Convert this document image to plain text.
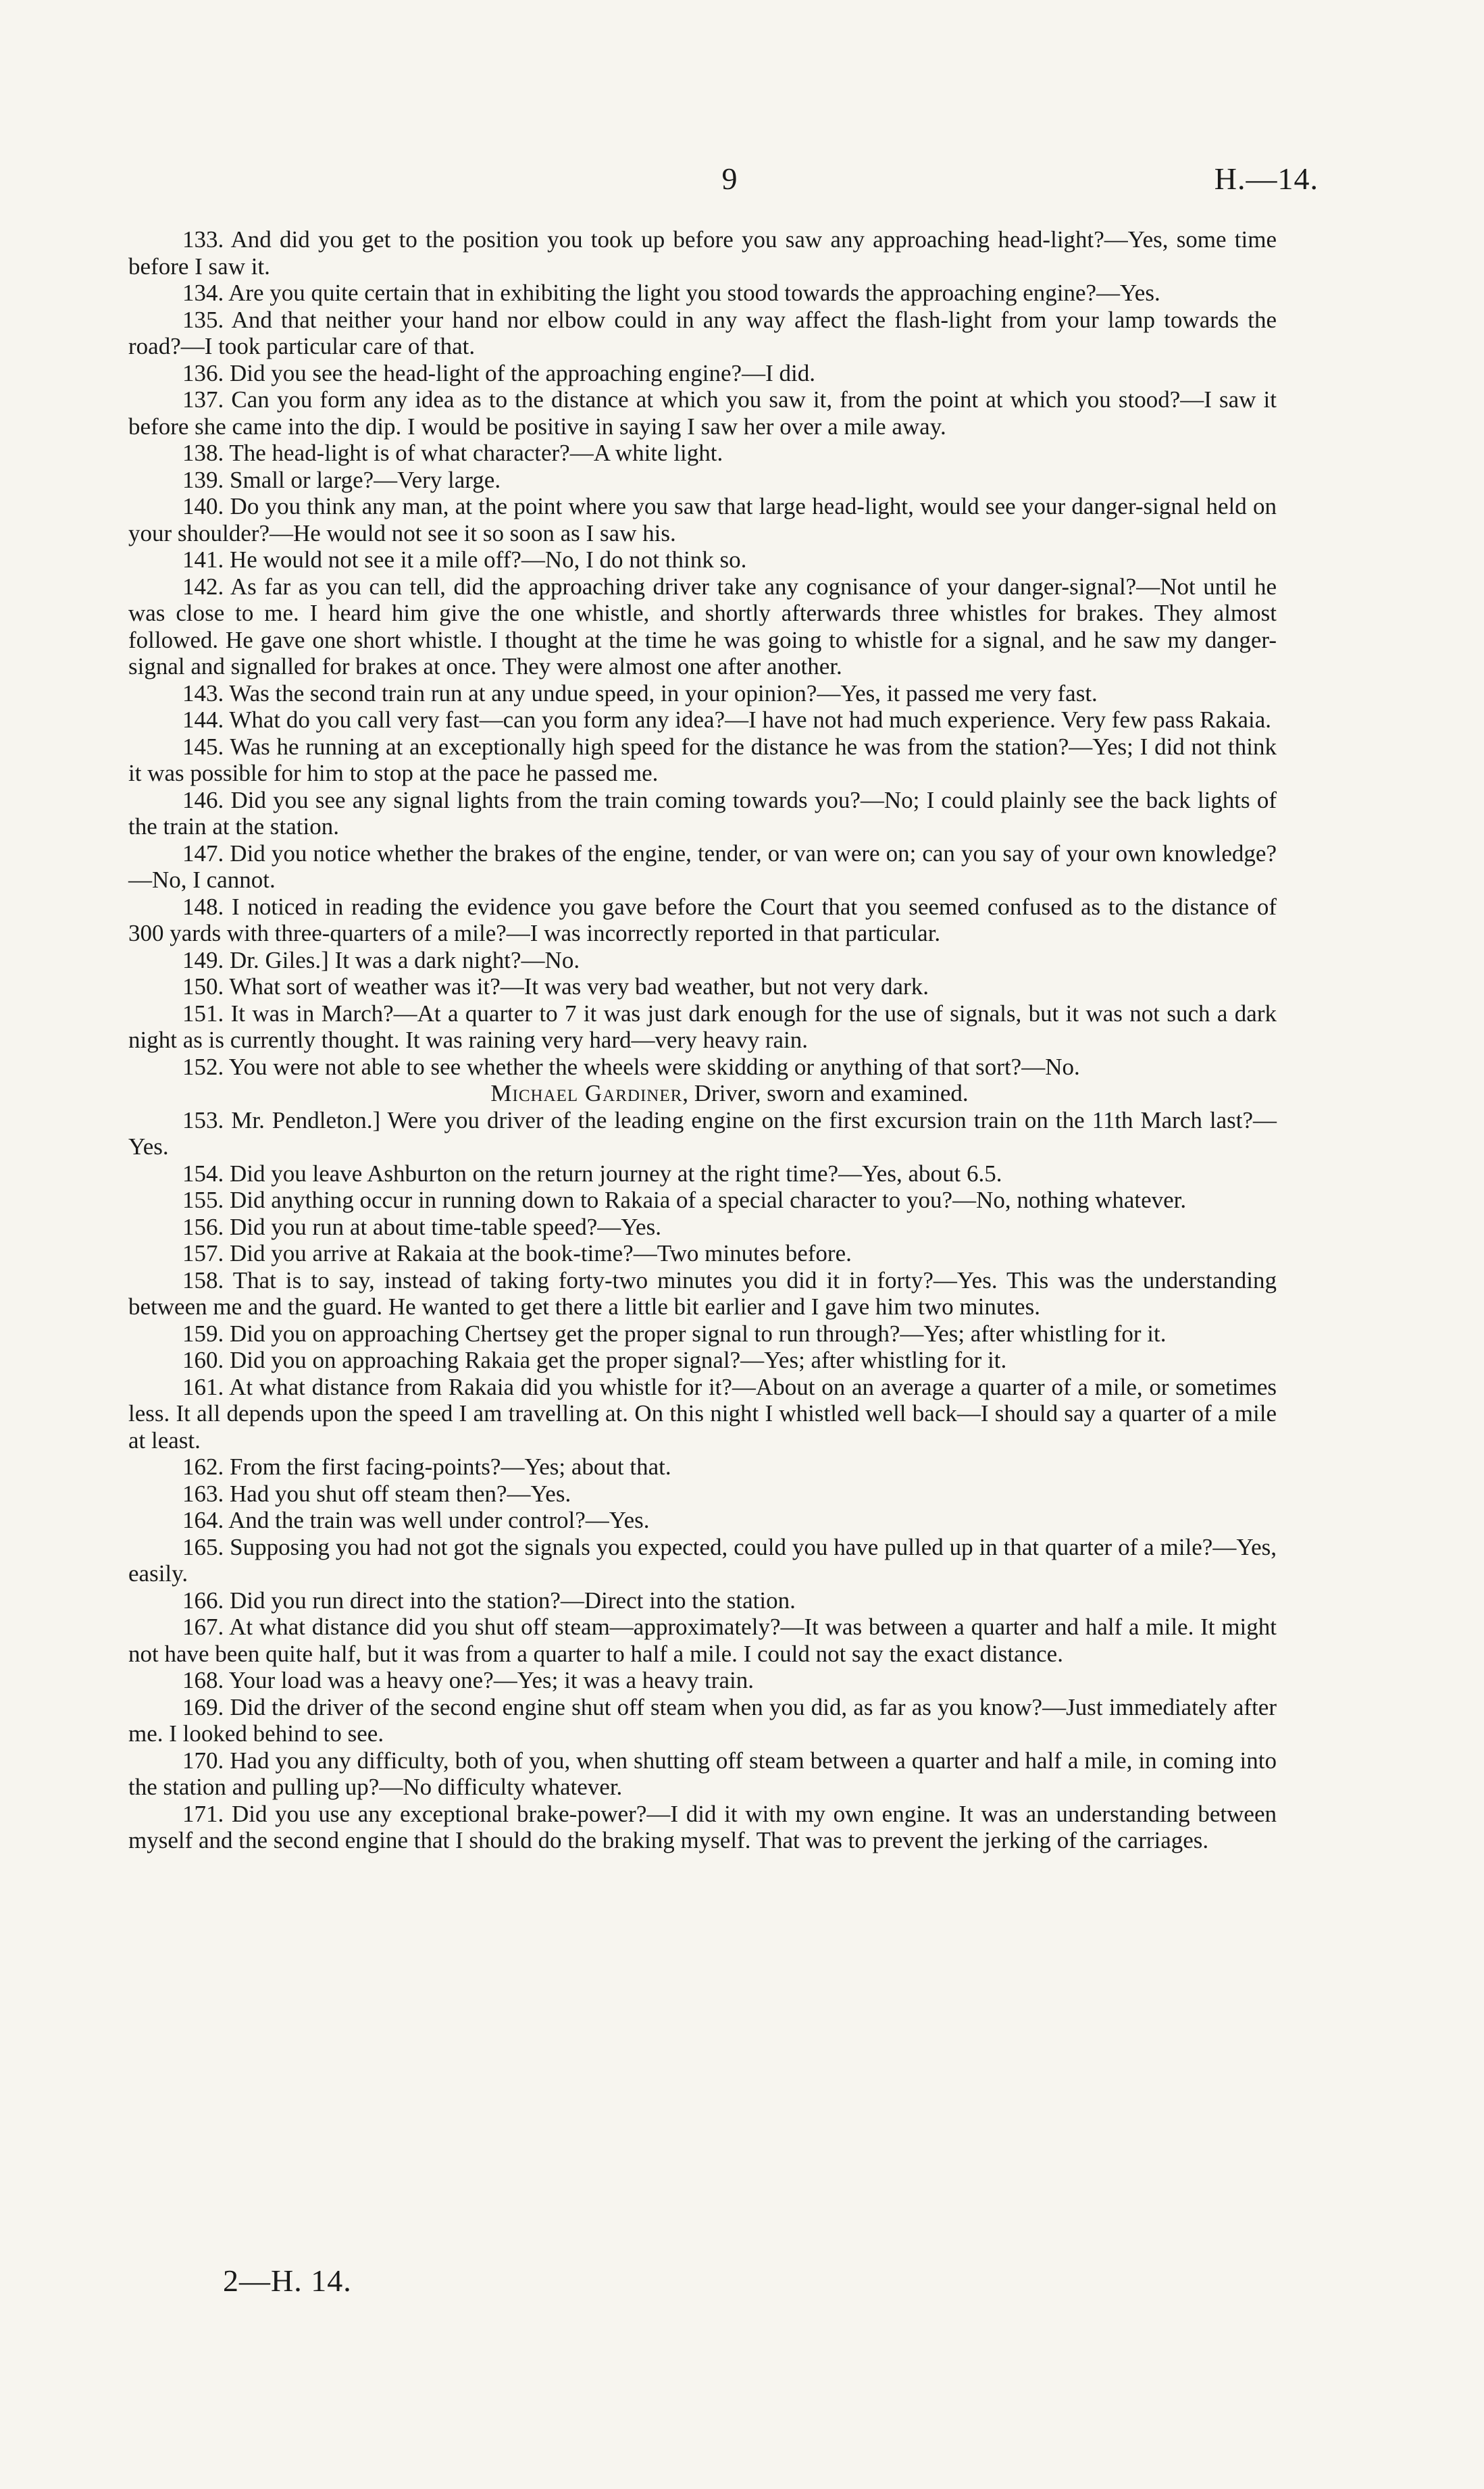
9	H.—14.

133. And did you get to the position you took up before you saw any approaching head-light?—Yes, some time before I saw it.

134. Are you quite certain that in exhibiting the light you stood towards the approaching engine?—Yes.

135. And that neither your hand nor elbow could in any way affect the flash-light from your lamp towards the road?—I took particular care of that.

136. Did you see the head-light of the approaching engine?—I did.

137. Can you form any idea as to the distance at which you saw it, from the point at which you stood?—I saw it before she came into the dip. I would be positive in saying I saw her over a mile away.

138. The head-light is of what character?—A white light.

139. Small or large?—Very large.

140. Do you think any man, at the point where you saw that large head-light, would see your danger-signal held on your shoulder?—He would not see it so soon as I saw his.

141. He would not see it a mile off?—No, I do not think so.

142. As far as you can tell, did the approaching driver take any cognisance of your danger-signal?—Not until he was close to me. I heard him give the one whistle, and shortly afterwards three whistles for brakes. They almost followed. He gave one short whistle. I thought at the time he was going to whistle for a signal, and he saw my danger-signal and signalled for brakes at once. They were almost one after another.

143. Was the second train run at any undue speed, in your opinion?—Yes, it passed me very fast.

144. What do you call very fast—can you form any idea?—I have not had much experience. Very few pass Rakaia.

145. Was he running at an exceptionally high speed for the distance he was from the station?—Yes; I did not think it was possible for him to stop at the pace he passed me.

146. Did you see any signal lights from the train coming towards you?—No; I could plainly see the back lights of the train at the station.

147. Did you notice whether the brakes of the engine, tender, or van were on; can you say of your own knowledge?—No, I cannot.

148. I noticed in reading the evidence you gave before the Court that you seemed confused as to the distance of 300 yards with three-quarters of a mile?—I was incorrectly reported in that particular.

149. Dr. Giles.] It was a dark night?—No.

150. What sort of weather was it?—It was very bad weather, but not very dark.

151. It was in March?—At a quarter to 7 it was just dark enough for the use of signals, but it was not such a dark night as is currently thought. It was raining very hard—very heavy rain.

152. You were not able to see whether the wheels were skidding or anything of that sort?—No.

Michael Gardiner, Driver, sworn and examined.

153. Mr. Pendleton.] Were you driver of the leading engine on the first excursion train on the 11th March last?—Yes.

154. Did you leave Ashburton on the return journey at the right time?—Yes, about 6.5.

155. Did anything occur in running down to Rakaia of a special character to you?—No, nothing whatever.

156. Did you run at about time-table speed?—Yes.

157. Did you arrive at Rakaia at the book-time?—Two minutes before.

158. That is to say, instead of taking forty-two minutes you did it in forty?—Yes. This was the understanding between me and the guard. He wanted to get there a little bit earlier and I gave him two minutes.

159. Did you on approaching Chertsey get the proper signal to run through?—Yes; after whistling for it.

160. Did you on approaching Rakaia get the proper signal?—Yes; after whistling for it.

161. At what distance from Rakaia did you whistle for it?—About on an average a quarter of a mile, or sometimes less. It all depends upon the speed I am travelling at. On this night I whistled well back—I should say a quarter of a mile at least.

162. From the first facing-points?—Yes; about that.

163. Had you shut off steam then?—Yes.

164. And the train was well under control?—Yes.

165. Supposing you had not got the signals you expected, could you have pulled up in that quarter of a mile?—Yes, easily.

166. Did you run direct into the station?—Direct into the station.

167. At what distance did you shut off steam—approximately?—It was between a quarter and half a mile. It might not have been quite half, but it was from a quarter to half a mile. I could not say the exact distance.

168. Your load was a heavy one?—Yes; it was a heavy train.

169. Did the driver of the second engine shut off steam when you did, as far as you know?—Just immediately after me. I looked behind to see.

170. Had you any difficulty, both of you, when shutting off steam between a quarter and half a mile, in coming into the station and pulling up?—No difficulty whatever.

171. Did you use any exceptional brake-power?—I did it with my own engine. It was an understanding between myself and the second engine that I should do the braking myself. That was to prevent the jerking of the carriages.

2—H. 14.
